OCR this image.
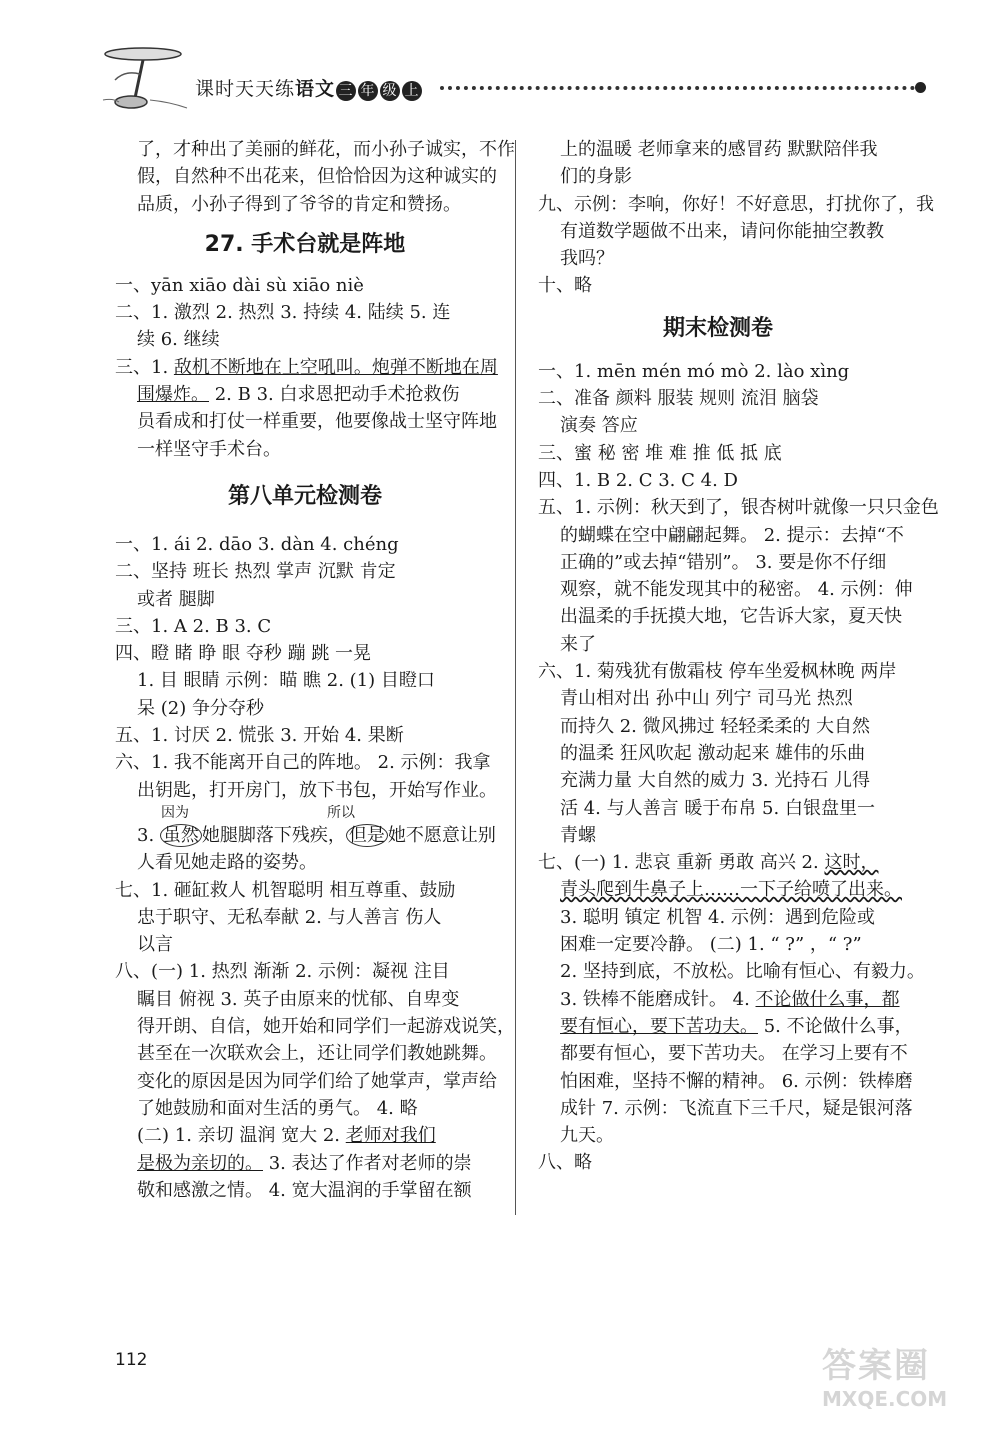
课时天天练语文 三 年 级 上

了，才种出了美丽的鲜花，而小孙子诚实，不作

假，自然种不出花来，但恰恰因为这种诚实的

品质，小孙子得到了爷爷的肯定和赞扬。

27. 手术台就是阵地

一、yān xiāo dài sù xiāo niè

二、1. 激烈 2. 热烈 3. 持续 4. 陆续 5. 连

续 6. 继续

三、1. 敌机不断地在上空吼叫。炮弹不断地在周

围爆炸。 2. B 3. 白求恩把动手术抢救伤

员看成和打仗一样重要，他要像战士坚守阵地

一样坚守手术台。

第八单元检测卷

一、1. ái 2. dāo 3. dàn 4. chéng

二、坚持 班长 热烈 掌声 沉默 肯定

或者 腿脚

三、1. A 2. B 3. C

四、瞪 睹 睁 眼 夺秒 蹦 跳 一晃

1. 目 眼睛 示例：瞄 瞧 2. (1) 目瞪口

呆 (2) 争分夺秒

五、1. 讨厌 2. 慌张 3. 开始 4. 果断

六、1. 我不能离开自己的阵地。 2. 示例：我拿

出钥匙，打开房门，放下书包，开始写作业。

因为	所以

3. 虽然 她腿脚落下残疾， 但是 她不愿意让别

人看见她走路的姿势。

七、1. 砸缸救人 机智聪明 相互尊重、鼓励

忠于职守、无私奉献 2. 与人善言 伤人

以言

八、(一) 1. 热烈 渐渐 2. 示例：凝视 注目

瞩目 俯视 3. 英子由原来的忧郁、自卑变

得开朗、自信，她开始和同学们一起游戏说笑，

甚至在一次联欢会上，还让同学们教她跳舞。

变化的原因是因为同学们给了她掌声，掌声给

了她鼓励和面对生活的勇气。 4. 略

(二) 1. 亲切 温润 宽大 2. 老师对我们

是极为亲切的。 3. 表达了作者对老师的崇

敬和感激之情。 4. 宽大温润的手掌留在额

上的温暖 老师拿来的感冒药 默默陪伴我

们的身影

九、示例：李响，你好！不好意思，打扰你了，我

有道数学题做不出来，请问你能抽空教教

我吗？

十、略

期末检测卷

一、1. mēn mén mó mò 2. lào xìng

二、准备 颜料 服装 规则 流泪 脑袋

演奏 答应

三、蜜 秘 密 堆 难 推 低 抵 底

四、1. B 2. C 3. C 4. D

五、1. 示例：秋天到了，银杏树叶就像一只只金色

的蝴蝶在空中翩翩起舞。 2. 提示：去掉“不

正确的”或去掉“错别”。 3. 要是你不仔细

观察，就不能发现其中的秘密。 4. 示例：伸

出温柔的手抚摸大地，它告诉大家，夏天快

来了

六、1. 菊残犹有傲霜枝 停车坐爱枫林晚 两岸

青山相对出 孙中山 列宁 司马光 热烈

而持久 2. 微风拂过 轻轻柔柔的 大自然

的温柔 狂风吹起 激动起来 雄伟的乐曲

充满力量 大自然的威力 3. 光持石 儿得

活 4. 与人善言 暖于布帛 5. 白银盘里一

青螺

七、(一) 1. 悲哀 重新 勇敢 高兴 2. 这时，

青头爬到牛鼻子上……一下子给喷了出来。

3. 聪明 镇定 机智 4. 示例：遇到危险或

困难一定要冷静。 (二) 1. “ ?” ，“ ?”

2. 坚持到底，不放松。比喻有恒心、有毅力。

3. 铁棒不能磨成针。 4. 不论做什么事，都

要有恒心，要下苦功夫。 5. 不论做什么事，

都要有恒心，要下苦功夫。 在学习上要有不

怕困难，坚持不懈的精神。 6. 示例：铁棒磨

成针 7. 示例：飞流直下三千尺，疑是银河落

九天。

八、略

112	答案圈
MXQE.COM
